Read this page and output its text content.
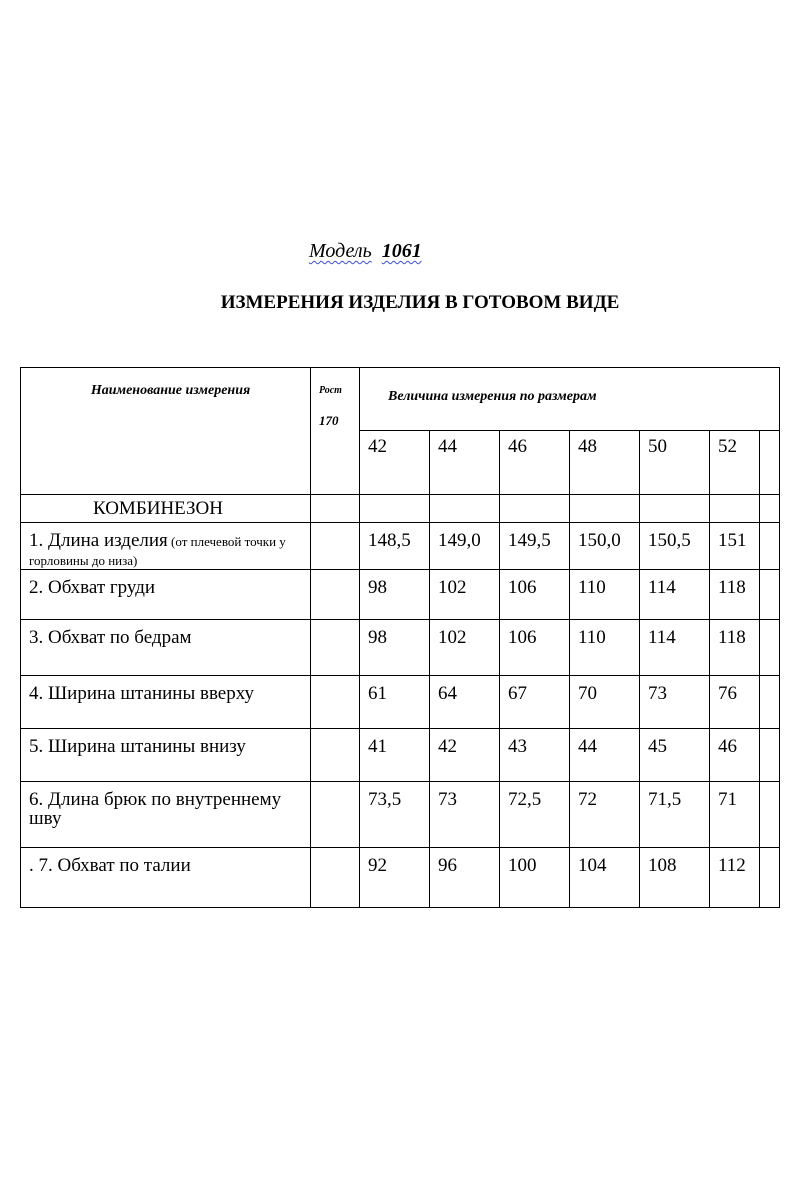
Модель 1061
ИЗМЕРЕНИЯ ИЗДЕЛИЯ В ГОТОВОМ ВИДЕ
Наименование измерения	Рост
170	Величина измерения по размерам						
		42	44	46	48	50	52	
КОМБИНЕЗОН								
1. Длина изделия (от плечевой точки у горловины до низа)		148,5	149,0	149,5	150,0	150,5	151	
2. Обхват груди		98	102	106	110	114	118	
3. Обхват по бедрам		98	102	106	110	114	118	
4. Ширина штанины вверху		61	64	67	70	73	76	
5. Ширина штанины внизу		41	42	43	44	45	46	
6. Длина брюк по внутреннему шву		73,5	73	72,5	72	71,5	71	
. 7. Обхват по талии		92	96	100	104	108	112	
